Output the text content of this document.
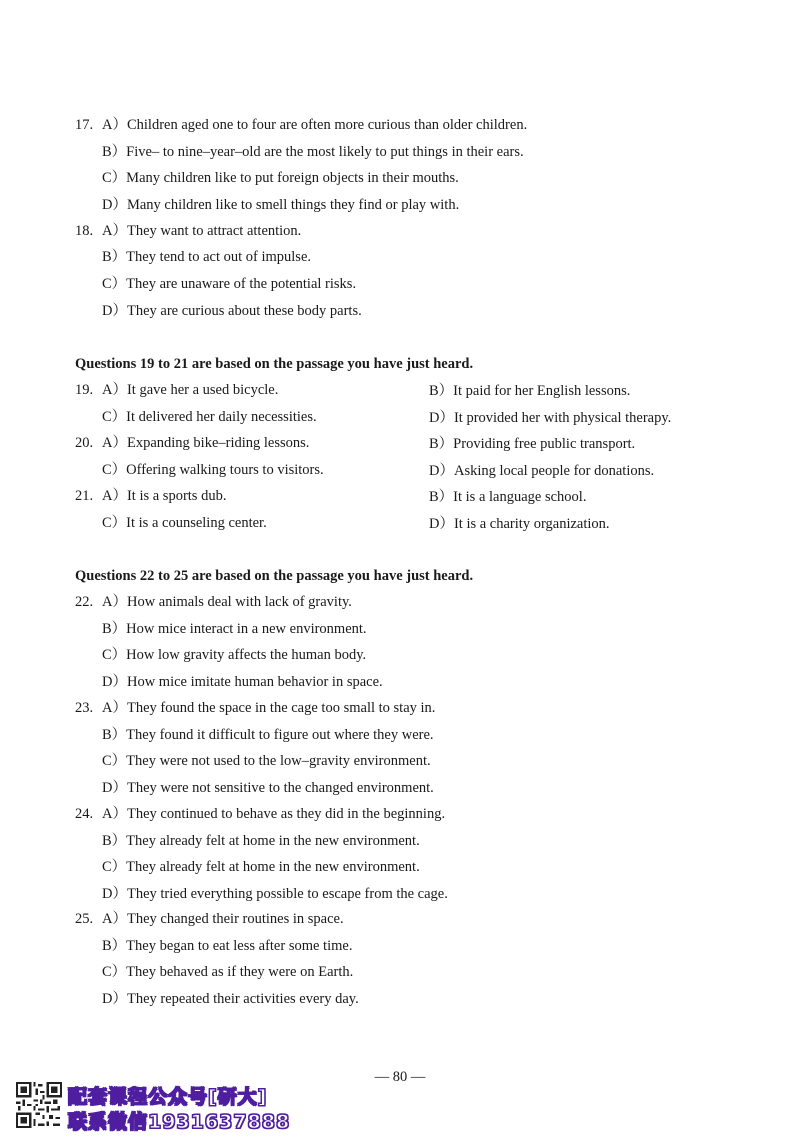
17. A）Children aged one to four are often more curious than older children.
B）Five– to nine–year–old are the most likely to put things in their ears.
C）Many children like to put foreign objects in their mouths.
D）Many children like to smell things they find or play with.
18. A）They want to attract attention.
B）They tend to act out of impulse.
C）They are unaware of the potential risks.
D）They are curious about these body parts.
Questions 19 to 21 are based on the passage you have just heard.
19. A）It gave her a used bicycle.	B）It paid for her English lessons.
C）It delivered her daily necessities.	D）It provided her with physical therapy.
20. A）Expanding bike–riding lessons.	B）Providing free public transport.
C）Offering walking tours to visitors.	D）Asking local people for donations.
21. A）It is a sports dub.	B）It is a language school.
C）It is a counseling center.	D）It is a charity organization.
Questions 22 to 25 are based on the passage you have just heard.
22. A）How animals deal with lack of gravity.
B）How mice interact in a new environment.
C）How low gravity affects the human body.
D）How mice imitate human behavior in space.
23. A）They found the space in the cage too small to stay in.
B）They found it difficult to figure out where they were.
C）They were not used to the low–gravity environment.
D）They were not sensitive to the changed environment.
24. A）They continued to behave as they did in the beginning.
B）They already felt at home in the new environment.
C）They already felt at home in the new environment.
D）They tried everything possible to escape from the cage.
25. A）They changed their routines in space.
B）They began to eat less after some time.
C）They behaved as if they were on Earth.
D）They repeated their activities every day.
— 80 —
配套课程公众号[研大]
联系微信1931637888
